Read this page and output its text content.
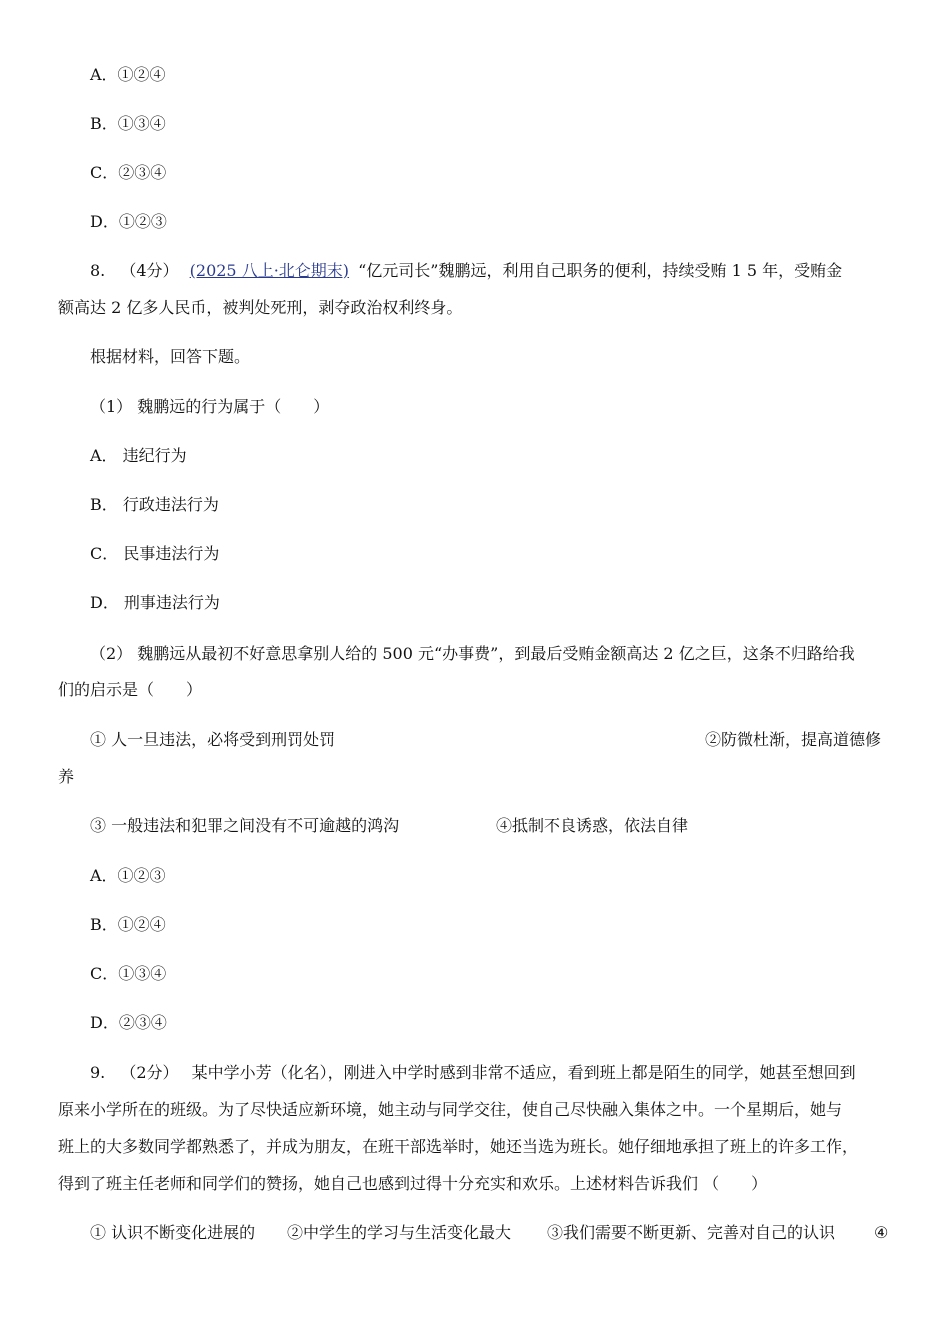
A．①②④
B．①③④
C．②③④
D．①②③
8. （4分） (2025 八上·北仑期末) “亿元司长”魏鹏远，利用自己职务的便利，持续受贿 1 5 年，受贿金
额高达 2 亿多人民币，被判处死刑，剥夺政治权利终身。
根据材料，回答下题。
（1） 魏鹏远的行为属于（　　）
A． 违纪行为
B． 行政违法行为
C． 民事违法行为
D． 刑事违法行为
（2） 魏鹏远从最初不好意思拿别人给的 500 元“办事费”，到最后受贿金额高达 2 亿之巨，这条不归路给我
们的启示是（　　）
① 人一旦违法，必将受到刑罚处罚	②防微杜渐，提高道德修
养
③ 一般违法和犯罪之间没有不可逾越的鸿沟	④抵制不良诱惑，依法自律
A．①②③
B．①②④
C．①③④
D．②③④
9. （2分） 某中学小芳（化名），刚进入中学时感到非常不适应，看到班上都是陌生的同学，她甚至想回到
原来小学所在的班级。为了尽快适应新环境，她主动与同学交往，使自己尽快融入集体之中。一个星期后，她与
班上的大多数同学都熟悉了，并成为朋友，在班干部选举时，她还当选为班长。她仔细地承担了班上的许多工作，
得到了班主任老师和同学们的赞扬，她自己也感到过得十分充实和欢乐。上述材料告诉我们 （　　）
① 认识不断变化进展的 ②中学生的学习与生活变化最大 ③我们需要不断更新、完善对自己的认识 ④
